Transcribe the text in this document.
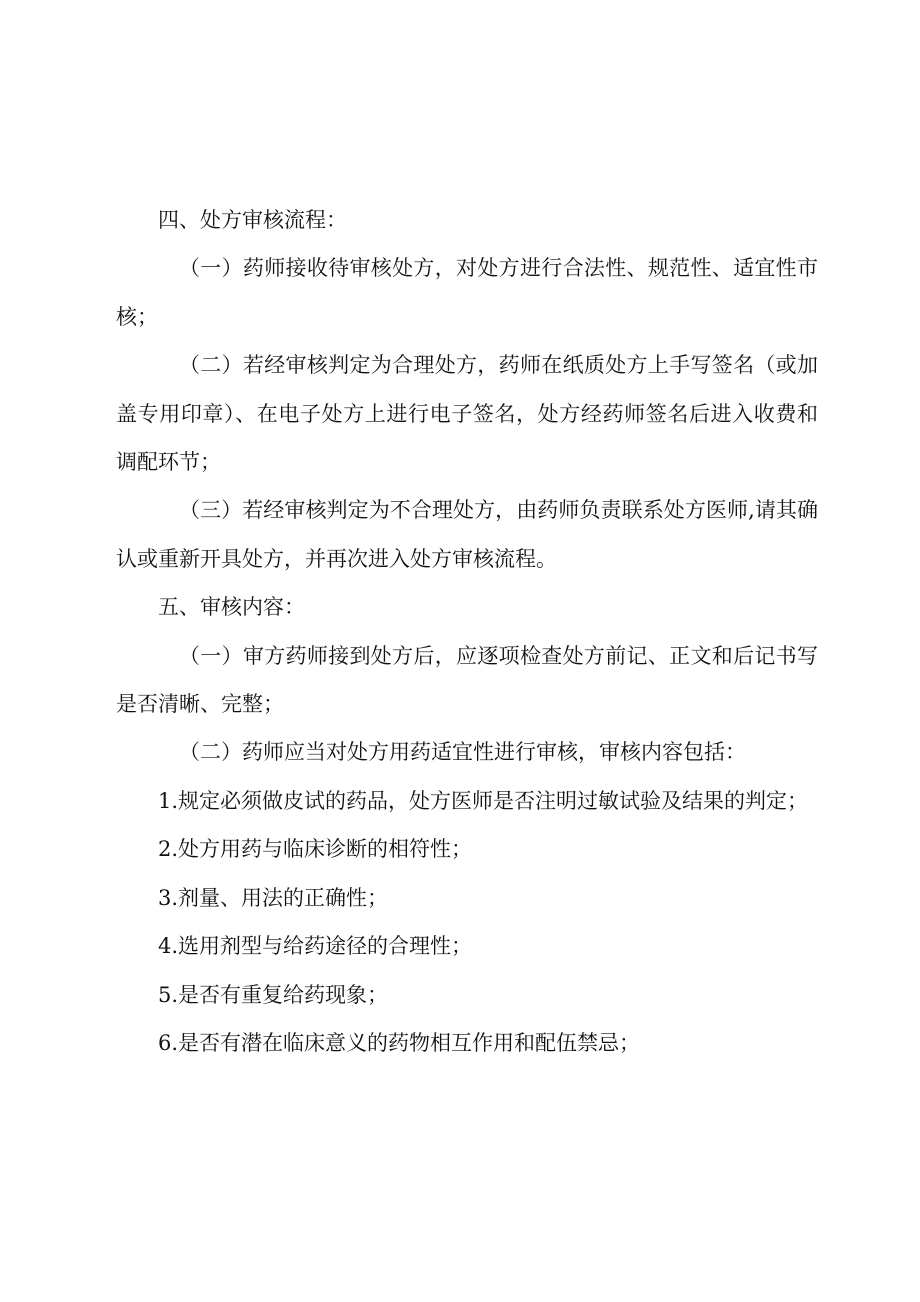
四、处方审核流程：

（一）药师接收待审核处方，对处方进行合法性、规范性、适宜性市核；

（二）若经审核判定为合理处方，药师在纸质处方上手写签名（或加盖专用印章）、在电子处方上进行电子签名，处方经药师签名后进入收费和调配环节；

（三）若经审核判定为不合理处方，由药师负责联系处方医师,请其确认或重新开具处方，并再次进入处方审核流程。

五、审核内容：

（一）审方药师接到处方后，应逐项检查处方前记、正文和后记书写是否清晰、完整；

（二）药师应当对处方用药适宜性进行审核，审核内容包括：

1.规定必须做皮试的药品，处方医师是否注明过敏试验及结果的判定；

2.处方用药与临床诊断的相符性；

3.剂量、用法的正确性；

4.选用剂型与给药途径的合理性；

5.是否有重复给药现象；

6.是否有潜在临床意义的药物相互作用和配伍禁忌；
